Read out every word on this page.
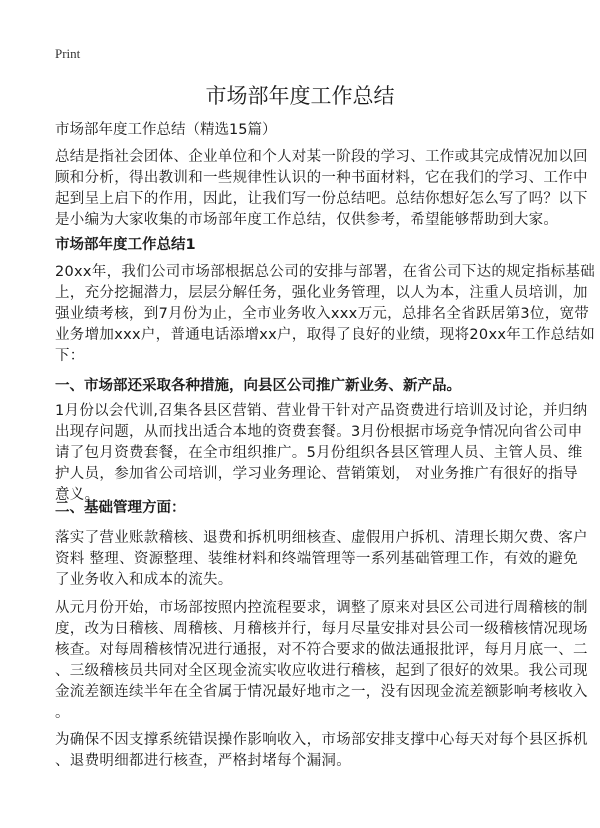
Print
市场部年度工作总结
市场部年度工作总结（精选15篇）
总结是指社会团体、企业单位和个人对某一阶段的学习、工作或其完成情况加以回
顾和分析，得出教训和一些规律性认识的一种书面材料，它在我们的学习、工作中
起到呈上启下的作用，因此，让我们写一份总结吧。总结你想好怎么写了吗？以下
是小编为大家收集的市场部年度工作总结，仅供参考，希望能够帮助到大家。
市场部年度工作总结1
20xx年，我们公司市场部根据总公司的安排与部署，在省公司下达的规定指标基础
上，充分挖掘潜力，层层分解任务，强化业务管理，以人为本，注重人员培训，加
强业绩考核，到7月份为止，全市业务收入xxx万元，总排名全省跃居第3位，宽带
业务增加xxx户，普通电话添增xx户，取得了良好的业绩，现将20xx年工作总结如
下：
一、市场部还采取各种措施，向县区公司推广新业务、新产品。
1月份以会代训,召集各县区营销、营业骨干针对产品资费进行培训及讨论，并归纳
出现存问题，从而找出适合本地的资费套餐。3月份根据市场竞争情况向省公司申
请了包月资费套餐，在全市组织推广。5月份组织各县区管理人员、主管人员、维
护人员，参加省公司培训，学习业务理论、营销策划， 对业务推广有很好的指导
意义。
二、基础管理方面：
落实了营业账款稽核、退费和拆机明细核查、虚假用户拆机、清理长期欠费、客户
资料 整理、资源整理、装维材料和终端管理等一系列基础管理工作，有效的避免
了业务收入和成本的流失。
从元月份开始，市场部按照内控流程要求，调整了原来对县区公司进行周稽核的制
度，改为日稽核、周稽核、月稽核并行，每月尽量安排对县公司一级稽核情况现场
核查。对每周稽核情况进行通报，对不符合要求的做法通报批评，每月月底一、二
、三级稽核员共同对全区现金流实收应收进行稽核，起到了很好的效果。我公司现
金流差额连续半年在全省属于情况最好地市之一，没有因现金流差额影响考核收入
。
为确保不因支撑系统错误操作影响收入，市场部安排支撑中心每天对每个县区拆机
、退费明细都进行核查，严格封堵每个漏洞。
